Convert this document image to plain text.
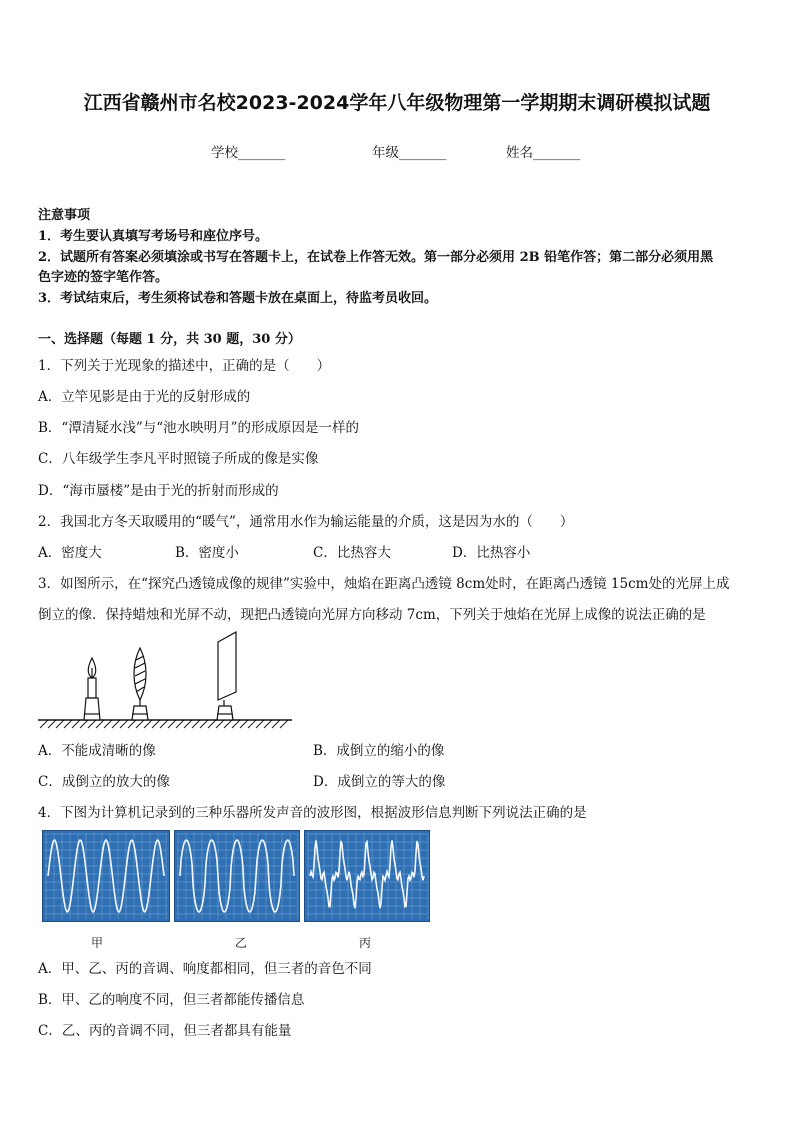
江西省赣州市名校2023-2024学年八年级物理第一学期期末调研模拟试题
学校_______	年级_______	姓名_______
注意事项
1．考生要认真填写考场号和座位序号。
2．试题所有答案必须填涂或书写在答题卡上，在试卷上作答无效。第一部分必须用 2B 铅笔作答；第二部分必须用黑
色字迹的签字笔作答。
3．考试结束后，考生须将试卷和答题卡放在桌面上，待监考员收回。
一、选择题（每题 1 分，共 30 题，30 分）
1．下列关于光现象的描述中，正确的是（　　）
A．立竿见影是由于光的反射形成的
B．“潭清疑水浅”与“池水映明月”的形成原因是一样的
C．八年级学生李凡平时照镜子所成的像是实像
D．“海市蜃楼”是由于光的折射而形成的
2．我国北方冬天取暖用的“暖气”，通常用水作为输运能量的介质，这是因为水的（　　）
A．密度大	B．密度小	C．比热容大	D．比热容小
3．如图所示，在“探究凸透镜成像的规律”实验中，烛焰在距离凸透镜 8cm处时，在距离凸透镜 15cm处的光屏上成
倒立的像．保持蜡烛和光屏不动，现把凸透镜向光屏方向移动 7cm，下列关于烛焰在光屏上成像的说法正确的是
A．不能成清晰的像	B．成倒立的缩小的像
C．成倒立的放大的像	D．成倒立的等大的像
4．下图为计算机记录到的三种乐器所发声音的波形图，根据波形信息判断下列说法正确的是
甲	乙	丙
A．甲、乙、丙的音调、响度都相同，但三者的音色不同
B．甲、乙的响度不同，但三者都能传播信息
C．乙、丙的音调不同，但三者都具有能量
